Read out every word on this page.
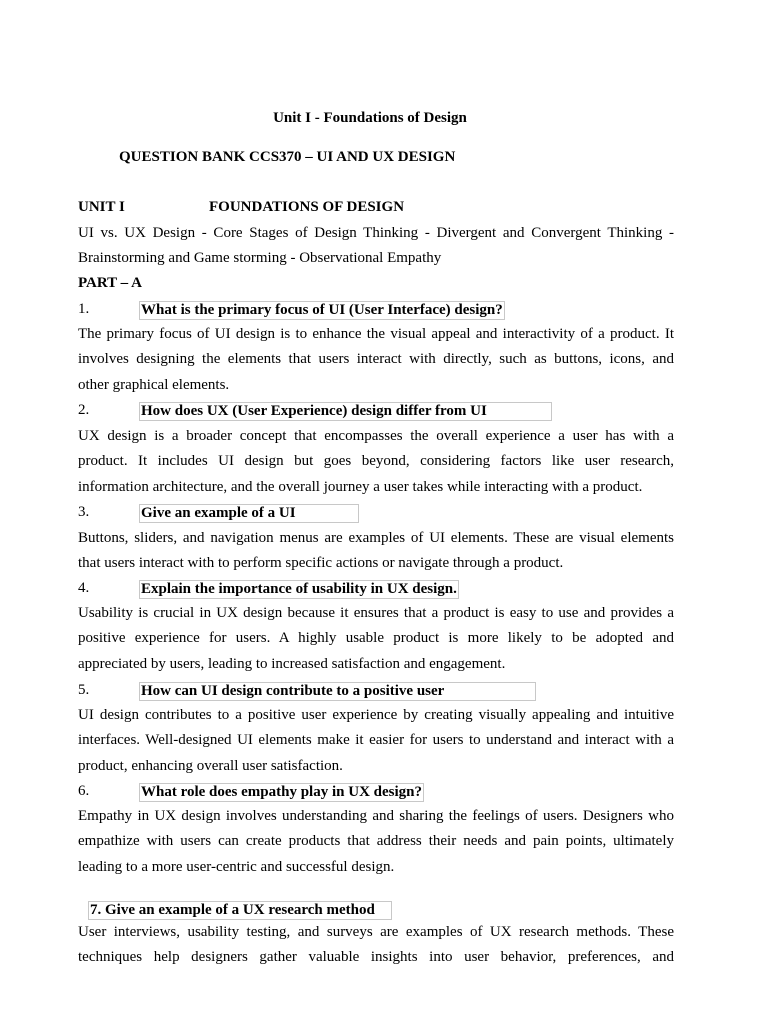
Unit I - Foundations of Design
QUESTION BANK CCS370 – UI AND UX DESIGN
UNIT I	FOUNDATIONS OF DESIGN
UI vs. UX Design - Core Stages of Design Thinking - Divergent and Convergent Thinking -
Brainstorming and Game storming - Observational Empathy
PART – A
1.	What is the primary focus of UI (User Interface) design?
The primary focus of UI design is to enhance the visual appeal and interactivity of a product. It
involves designing the elements that users interact with directly, such as buttons, icons, and
other graphical elements.
2.	How does UX (User Experience) design differ from UI
UX design is a broader concept that encompasses the overall experience a user has with a
product. It includes UI design but goes beyond, considering factors like user research,
information architecture, and the overall journey a user takes while interacting with a product.
3.	Give an example of a UI
Buttons, sliders, and navigation menus are examples of UI elements. These are visual elements
that users interact with to perform specific actions or navigate through a product.
4.	Explain the importance of usability in UX design.
Usability is crucial in UX design because it ensures that a product is easy to use and provides a
positive experience for users. A highly usable product is more likely to be adopted and
appreciated by users, leading to increased satisfaction and engagement.
5.	How can UI design contribute to a positive user
UI design contributes to a positive user experience by creating visually appealing and intuitive
interfaces. Well-designed UI elements make it easier for users to understand and interact with a
product, enhancing overall user satisfaction.
6.	What role does empathy play in UX design?
Empathy in UX design involves understanding and sharing the feelings of users. Designers who
empathize with users can create products that address their needs and pain points, ultimately
leading to a more user-centric and successful design.
7. Give an example of a UX research method
User interviews, usability testing, and surveys are examples of UX research methods. These
techniques help designers gather valuable insights into user behavior, preferences, and
